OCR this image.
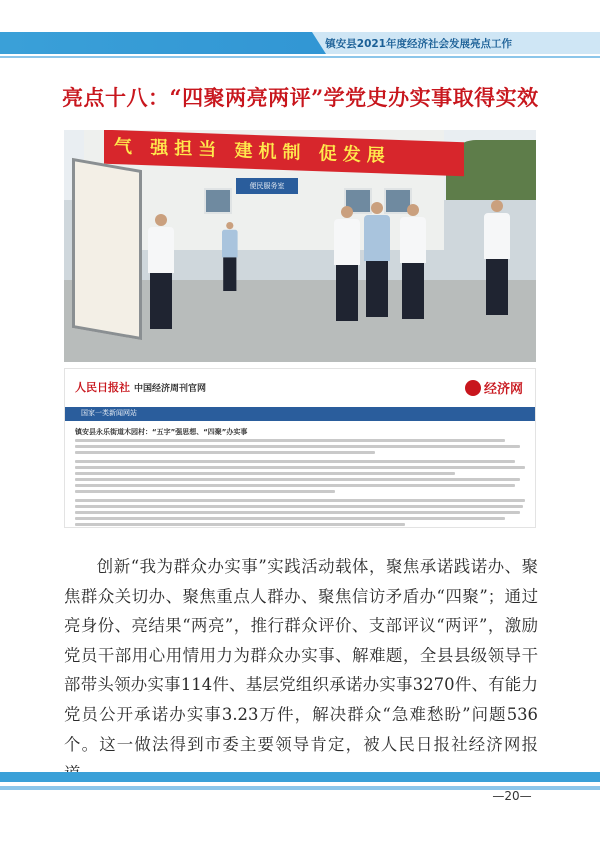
镇安县2021年度经济社会发展亮点工作
亮点十八：“四聚两亮两评”学党史办实事取得实效
气 强担当 建机制 促发展
便民服务室
人民日报社 中国经济周刊官网	经济网
国家一类新闻网站
镇安县永乐街道木园村：“五字”强思想、“四聚”办实事
创新“我为群众办实事”实践活动载体，聚焦承诺践诺办、聚焦群众关切办、聚焦重点人群办、聚焦信访矛盾办“四聚”；通过亮身份、亮结果“两亮”，推行群众评价、支部评议“两评”，激励党员干部用心用情用力为群众办实事、解难题，全县县级领导干部带头领办实事114件、基层党组织承诺办实事3270件、有能力党员公开承诺办实事3.23万件，解决群众“急难愁盼”问题536个。这一做法得到市委主要领导肯定，被人民日报社经济网报
—20—
